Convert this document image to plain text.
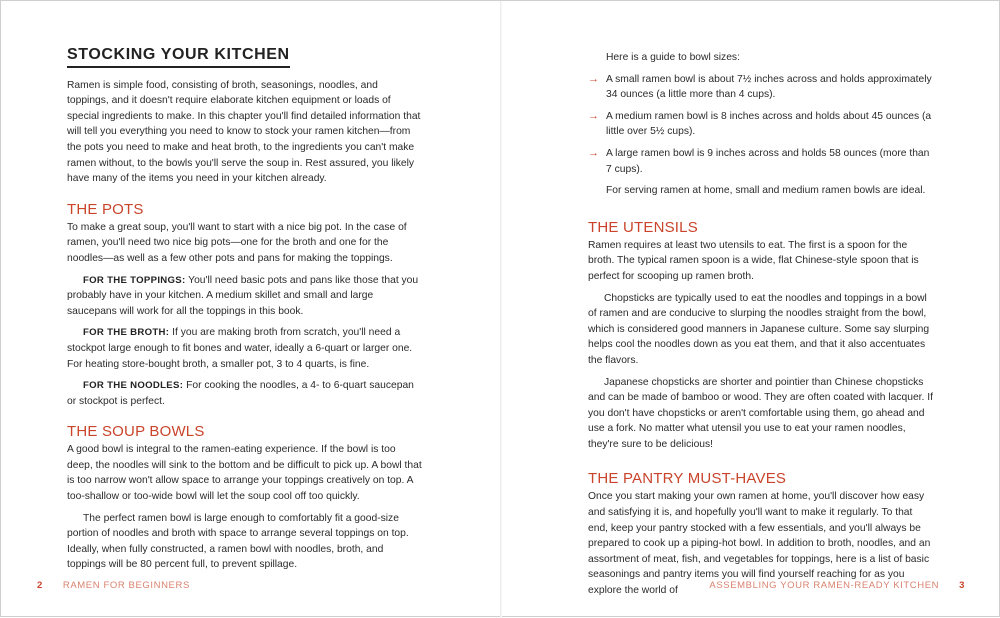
STOCKING YOUR KITCHEN

Ramen is simple food, consisting of broth, seasonings, noodles, and toppings, and it doesn't require elaborate kitchen equipment or loads of special ingredients to make. In this chapter you'll find detailed information that will tell you everything you need to know to stock your ramen kitchen—from the pots you need to make and heat broth, to the ingredients you can't make ramen without, to the bowls you'll serve the soup in. Rest assured, you likely have many of the items you need in your kitchen already.

THE POTS

To make a great soup, you'll want to start with a nice big pot. In the case of ramen, you'll need two nice big pots—one for the broth and one for the noodles—as well as a few other pots and pans for making the toppings.

FOR THE TOPPINGS: You'll need basic pots and pans like those that you probably have in your kitchen. A medium skillet and small and large saucepans will work for all the toppings in this book.

FOR THE BROTH: If you are making broth from scratch, you'll need a stockpot large enough to fit bones and water, ideally a 6-quart or larger one. For heating store-bought broth, a smaller pot, 3 to 4 quarts, is fine.

FOR THE NOODLES: For cooking the noodles, a 4- to 6-quart saucepan or stockpot is perfect.

THE SOUP BOWLS

A good bowl is integral to the ramen-eating experience. If the bowl is too deep, the noodles will sink to the bottom and be difficult to pick up. A bowl that is too narrow won't allow space to arrange your toppings creatively on top. A too-shallow or too-wide bowl will let the soup cool off too quickly.

The perfect ramen bowl is large enough to comfortably fit a good-size portion of noodles and broth with space to arrange several toppings on top. Ideally, when fully constructed, a ramen bowl with noodles, broth, and toppings will be 80 percent full, to prevent spillage.

2 RAMEN FOR BEGINNERS

Here is a guide to bowl sizes:

→ A small ramen bowl is about 7½ inches across and holds approximately 34 ounces (a little more than 4 cups).
→ A medium ramen bowl is 8 inches across and holds about 45 ounces (a little over 5½ cups).
→ A large ramen bowl is 9 inches across and holds 58 ounces (more than 7 cups).

For serving ramen at home, small and medium ramen bowls are ideal.

THE UTENSILS

Ramen requires at least two utensils to eat. The first is a spoon for the broth. The typical ramen spoon is a wide, flat Chinese-style spoon that is perfect for scooping up ramen broth.

Chopsticks are typically used to eat the noodles and toppings in a bowl of ramen and are conducive to slurping the noodles straight from the bowl, which is considered good manners in Japanese culture. Some say slurping helps cool the noodles down as you eat them, and that it also accentuates the flavors.

Japanese chopsticks are shorter and pointier than Chinese chopsticks and can be made of bamboo or wood. They are often coated with lacquer. If you don't have chopsticks or aren't comfortable using them, go ahead and use a fork. No matter what utensil you use to eat your ramen noodles, they're sure to be delicious!

THE PANTRY MUST-HAVES

Once you start making your own ramen at home, you'll discover how easy and satisfying it is, and hopefully you'll want to make it regularly. To that end, keep your pantry stocked with a few essentials, and you'll always be prepared to cook up a piping-hot bowl. In addition to broth, noodles, and an assortment of meat, fish, and vegetables for toppings, here is a list of basic seasonings and pantry items you will find yourself reaching for as you explore the world of	ASSEMBLING YOUR RAMEN-READY KITCHEN 3
